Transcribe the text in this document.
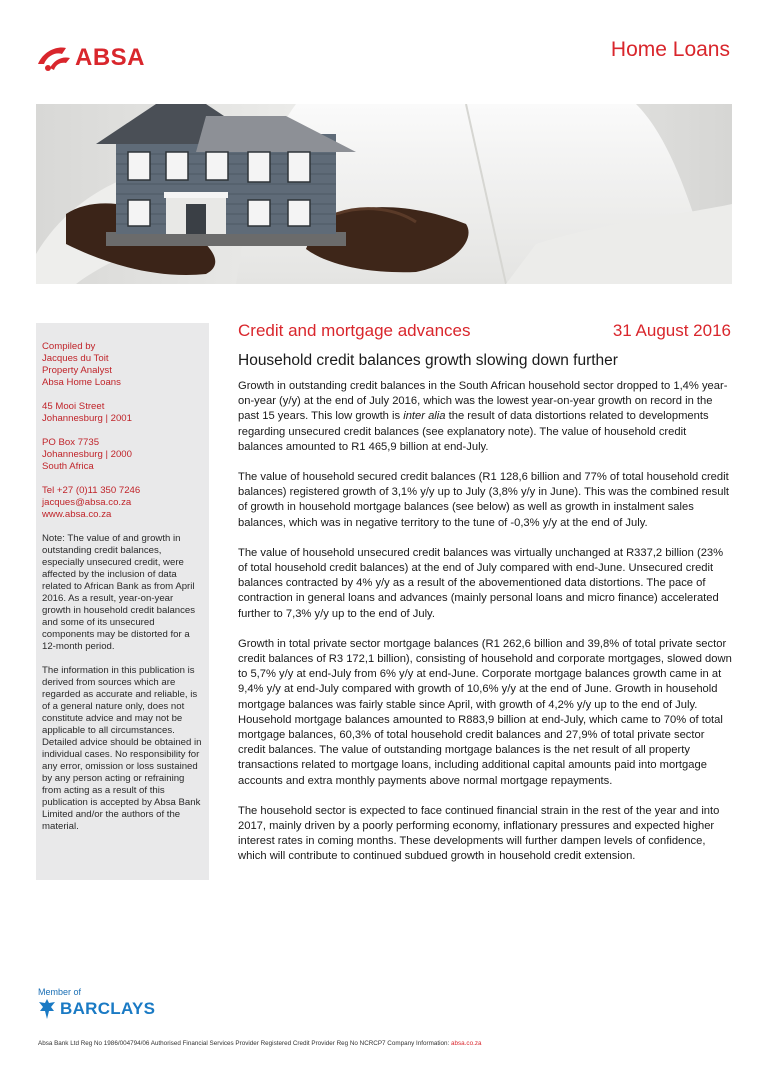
ABSA	Home Loans

Compiled by

Jacques du Toit

Property Analyst

Absa Home Loans

45 Mooi Street

Johannesburg | 2001

PO Box 7735

Johannesburg | 2000

South Africa

Tel +27 (0)11 350 7246

jacques@absa.co.za

www.absa.co.za

Note: The value of and growth in outstanding credit balances, especially unsecured credit, were affected by the inclusion of data related to African Bank as from April 2016. As a result, year-on-year growth in household credit balances and some of its unsecured components may be distorted for a 12-month period.

The information in this publication is derived from sources which are regarded as accurate and reliable, is of a general nature only, does not constitute advice and may not be applicable to all circumstances. Detailed advice should be obtained in individual cases. No responsibility for any error, omission or loss sustained by any person acting or refraining from acting as a result of this publication is accepted by Absa Bank Limited and/or the authors of the material.

Credit and mortgage advances	31 August 2016
Household credit balances growth slowing down further

Growth in outstanding credit balances in the South African household sector dropped to 1,4% year-on-year (y/y) at the end of July 2016, which was the lowest year-on-year growth on record in the past 15 years. This low growth is inter alia the result of data distortions related to developments regarding unsecured credit balances (see explanatory note). The value of household credit balances amounted to R1 465,9 billion at end-July.

The value of household secured credit balances (R1 128,6 billion and 77% of total household credit balances) registered growth of 3,1% y/y up to July (3,8% y/y in June). This was the combined result of growth in household mortgage balances (see below) as well as growth in instalment sales balances, which was in negative territory to the tune of -0,3% y/y at the end of July.

The value of household unsecured credit balances was virtually unchanged at R337,2 billion (23% of total household credit balances) at the end of July compared with end-June. Unsecured credit balances contracted by 4% y/y as a result of the abovementioned data distortions. The pace of contraction in general loans and advances (mainly personal loans and micro finance) accelerated further to 7,3% y/y up to the end of July.

Growth in total private sector mortgage balances (R1 262,6 billion and 39,8% of total private sector credit balances of R3 172,1 billion), consisting of household and corporate mortgages, slowed down to 5,7% y/y at end-July from 6% y/y at end-June. Corporate mortgage balances growth came in at 9,4% y/y at end-July compared with growth of 10,6% y/y at the end of June. Growth in household mortgage balances was fairly stable since April, with growth of 4,2% y/y up to the end of July. Household mortgage balances amounted to R883,9 billion at end-July, which came to 70% of total mortgage balances, 60,3% of total household credit balances and 27,9% of total private sector credit balances. The value of outstanding mortgage balances is the net result of all property transactions related to mortgage loans, including additional capital amounts paid into mortgage accounts and extra monthly payments above normal mortgage repayments.

The household sector is expected to face continued financial strain in the rest of the year and into 2017, mainly driven by a poorly performing economy, inflationary pressures and expected higher interest rates in coming months. These developments will further dampen levels of confidence, which will contribute to continued subdued growth in household credit extension.

Member of
BARCLAYS
Absa Bank Ltd Reg No 1986/004794/06 Authorised Financial Services Provider Registered Credit Provider Reg No NCRCP7 Company Information: absa.co.za
